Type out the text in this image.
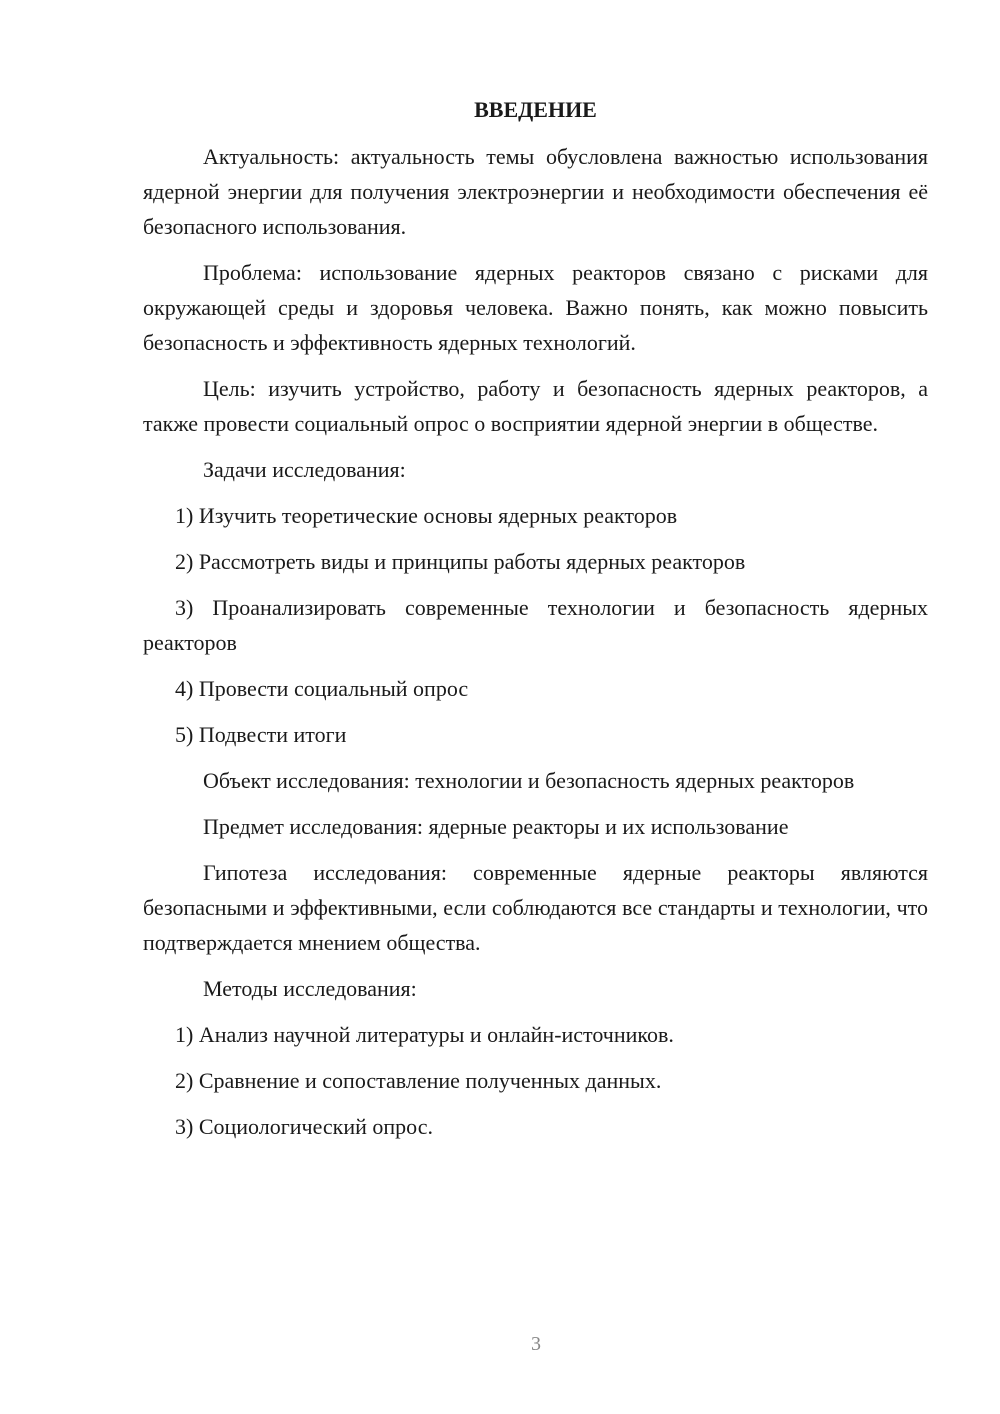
ВВЕДЕНИЕ

Актуальность: актуальность темы обусловлена важностью использования ядерной энергии для получения электроэнергии и необходимости обеспечения её безопасного использования.

Проблема: использование ядерных реакторов связано с рисками для окружающей среды и здоровья человека. Важно понять, как можно повысить безопасность и эффективность ядерных технологий.

Цель: изучить устройство, работу и безопасность ядерных реакторов, а также провести социальный опрос о восприятии ядерной энергии в обществе.

Задачи исследования:

1) Изучить теоретические основы ядерных реакторов

2) Рассмотреть виды и принципы работы ядерных реакторов

3) Проанализировать современные технологии и безопасность ядерных реакторов

4) Провести социальный опрос

5) Подвести итоги

Объект исследования: технологии и безопасность ядерных реакторов

Предмет исследования: ядерные реакторы и их использование

Гипотеза исследования: современные ядерные реакторы являются безопасными и эффективными, если соблюдаются все стандарты и технологии, что подтверждается мнением общества.

Методы исследования:

1) Анализ научной литературы и онлайн-источников.

2) Сравнение и сопоставление полученных данных.

3) Социологический опрос.

3
